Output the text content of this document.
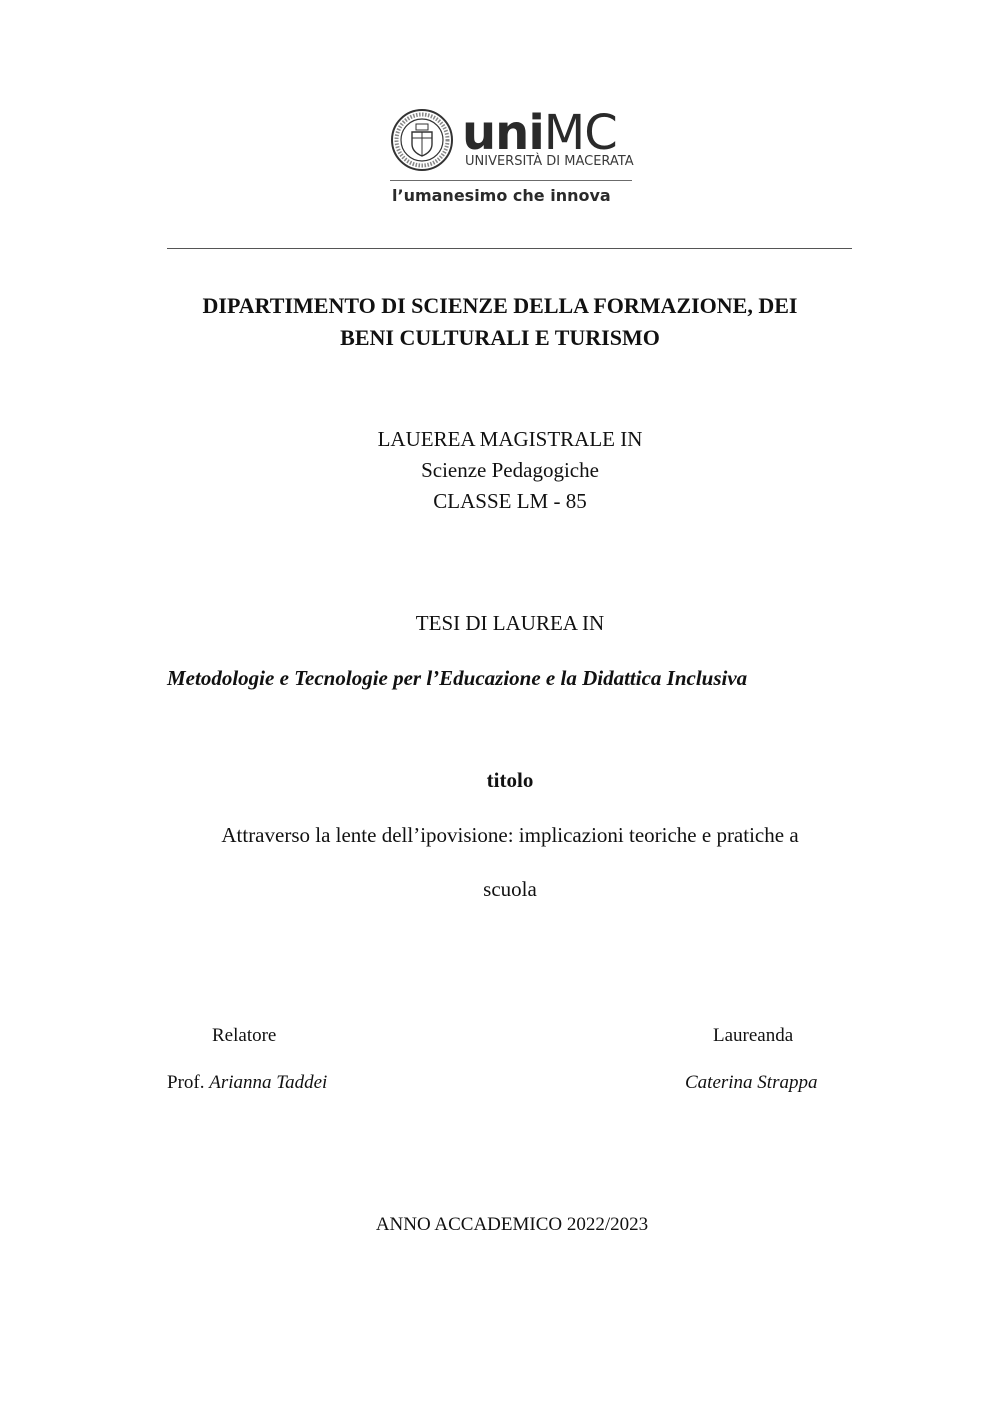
uniMC
UNIVERSITÀ DI MACERATA
l’umanesimo che innova
DIPARTIMENTO DI SCIENZE DELLA FORMAZIONE, DEI
BENI CULTURALI E TURISMO
LAUEREA MAGISTRALE IN
Scienze Pedagogiche
CLASSE LM - 85
TESI DI LAUREA IN
Metodologie e Tecnologie per l’Educazione e la Didattica Inclusiva
titolo
Attraverso la lente dell’ipovisione: implicazioni teoriche e pratiche a
scuola
Relatore
Prof. Arianna Taddei
Laureanda
Caterina Strappa
ANNO ACCADEMICO 2022/2023
